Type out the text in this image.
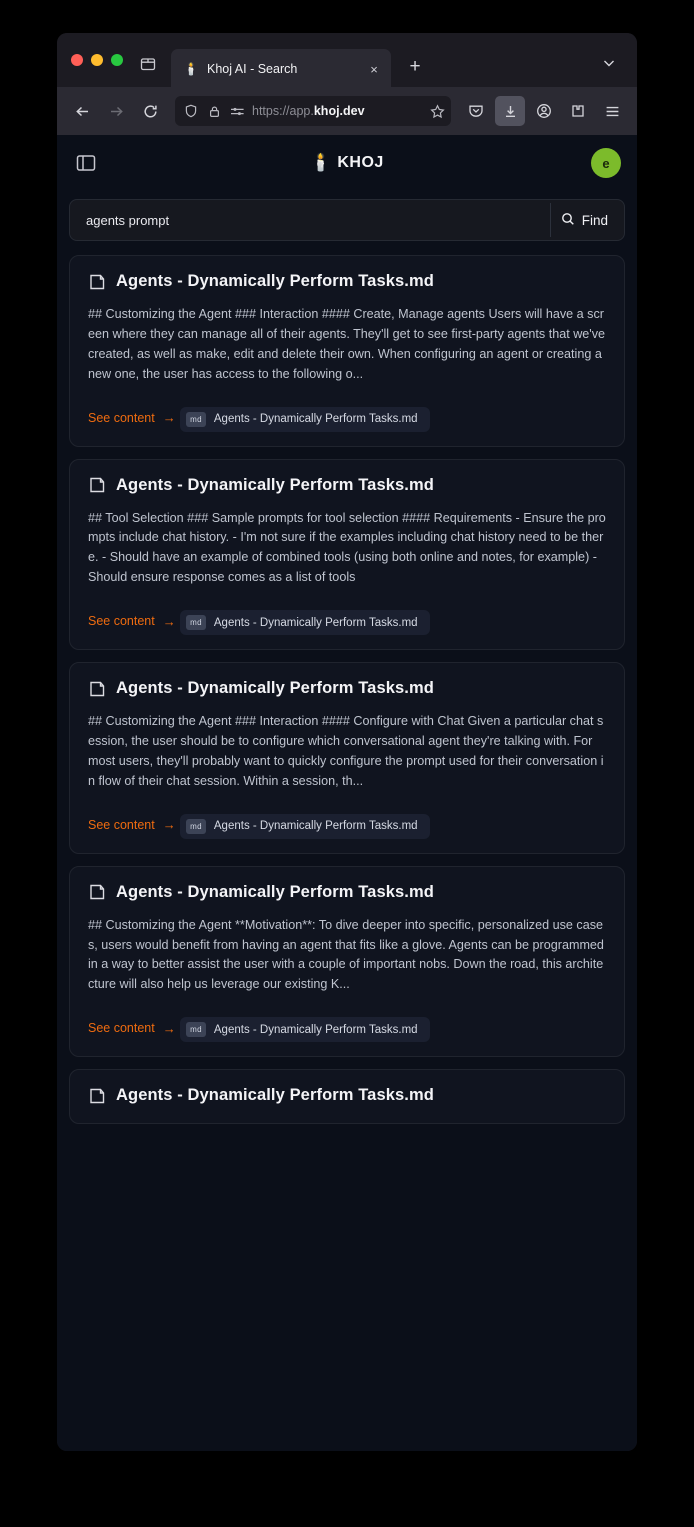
🕯️ Khoj AI - Search	×	+
https://app.khoj.dev
🕯️ KHOJ	e
agents prompt
Find
Agents - Dynamically Perform Tasks.md
## Customizing the Agent ### Interaction #### Create, Manage agents Users will have a screen where they can manage all of their agents. They'll get to see first-party agents that we've created, as well as make, edit and delete their own. When configuring an agent or creating a new one, the user has access to the following o...
See content →
	md	Agents - Dynamically Perform Tasks.md
Agents - Dynamically Perform Tasks.md
## Tool Selection ### Sample prompts for tool selection #### Requirements - Ensure the prompts include chat history. - I'm not sure if the examples including chat history need to be there. - Should have an example of combined tools (using both online and notes, for example) - Should ensure response comes as a list of tools
See content →
	md	Agents - Dynamically Perform Tasks.md
Agents - Dynamically Perform Tasks.md
## Customizing the Agent ### Interaction #### Configure with Chat Given a particular chat session, the user should be to configure which conversational agent they're talking with. For most users, they'll probably want to quickly configure the prompt used for their conversation in flow of their chat session. Within a session, th...
See content →
	md	Agents - Dynamically Perform Tasks.md
Agents - Dynamically Perform Tasks.md
## Customizing the Agent **Motivation**: To dive deeper into specific, personalized use cases, users would benefit from having an agent that fits like a glove. Agents can be programmed in a way to better assist the user with a couple of important nobs. Down the road, this architecture will also help us leverage our existing K...
See content →
	md	Agents - Dynamically Perform Tasks.md
Agents - Dynamically Perform Tasks.md
